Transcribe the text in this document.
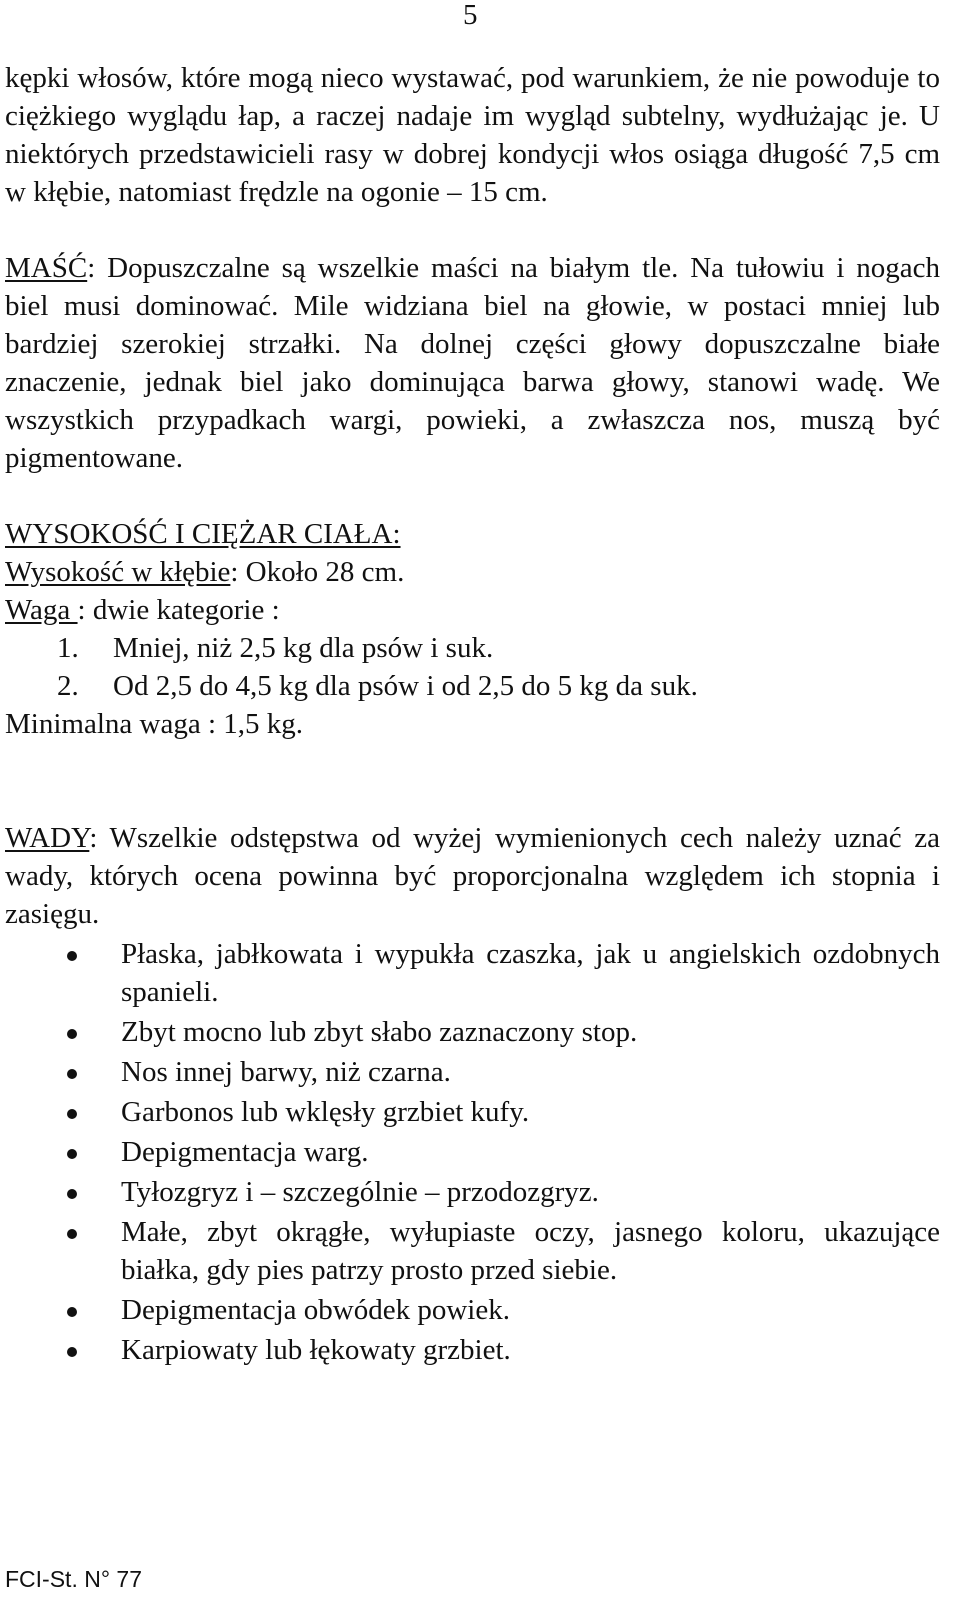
5

kępki włosów, które mogą nieco wystawać, pod warunkiem, że nie powoduje to ciężkiego wyglądu łap, a raczej nadaje im wygląd subtelny, wydłużając je. U niektórych przedstawicieli rasy w dobrej kondycji włos osiąga długość 7,5 cm w kłębie, natomiast frędzle na ogonie – 15 cm.

MAŚĆ: Dopuszczalne są wszelkie maści na białym tle. Na tułowiu i nogach biel musi dominować. Mile widziana biel na głowie, w postaci mniej lub bardziej szerokiej strzałki. Na dolnej części głowy dopuszczalne białe znaczenie, jednak biel jako dominująca barwa głowy, stanowi wadę. We wszystkich przypadkach wargi, powieki, a zwłaszcza nos, muszą być pigmentowane.

WYSOKOŚĆ I CIĘŻAR CIAŁA:

Wysokość w kłębie: Około 28 cm.

Waga : dwie kategorie :

1. Mniej, niż 2,5 kg dla psów i suk.
2. Od 2,5 do 4,5 kg dla psów i od 2,5 do 5 kg da suk.

Minimalna waga : 1,5 kg.

WADY: Wszelkie odstępstwa od wyżej wymienionych cech należy uznać za wady, których ocena powinna być proporcjonalna względem ich stopnia i zasięgu.

Płaska, jabłkowata i wypukła czaszka, jak u angielskich ozdobnych spanieli.
Zbyt mocno lub zbyt słabo zaznaczony stop.
Nos innej barwy, niż czarna.
Garbonos lub wklęsły grzbiet kufy.
Depigmentacja warg.
Tyłozgryz i – szczególnie – przodozgryz.
Małe, zbyt okrągłe, wyłupiaste oczy, jasnego koloru, ukazujące białka, gdy pies patrzy prosto przed siebie.
Depigmentacja obwódek powiek.
Karpiowaty lub łękowaty grzbiet.

FCI-St. N° 77
